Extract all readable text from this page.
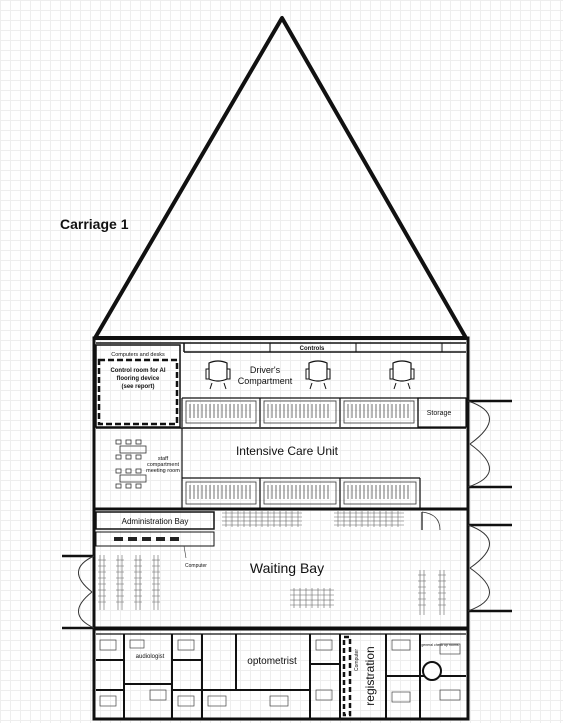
Carriage 1
Controls
Computers and desks
Control room for AI
flooring device
(see report)
Driver's
Compartment
Storage
staff
compartment
meeting room
Intensive Care Unit
Administration Bay
Computer	Waiting Bay
audiologist	optometrist	Computer registration
general check up rooms
